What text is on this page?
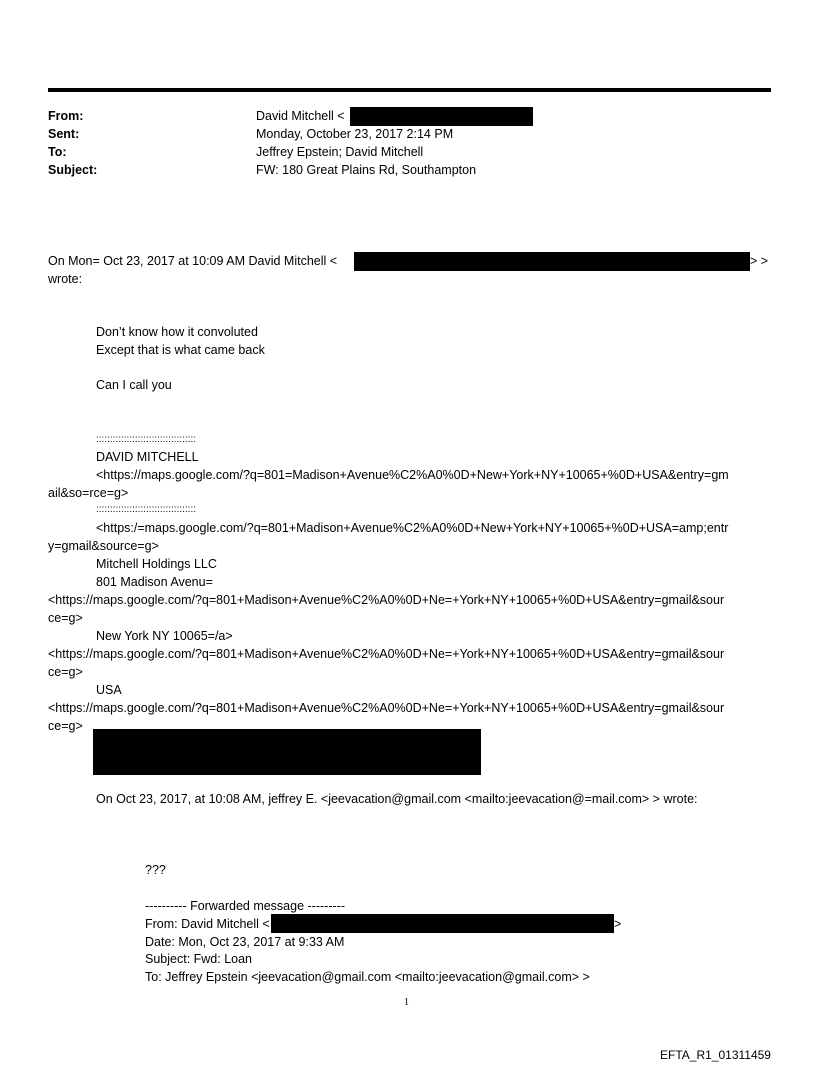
From:	David Mitchell <
Sent:	Monday, October 23, 2017 2:14 PM
To:	Jeffrey Epstein; David Mitchell
Subject:	FW: 180 Great Plains Rd, Southampton
On Mon= Oct 23, 2017 at 10:09 AM David Mitchell <	> >
wrote:
Don’t know how it convoluted
Except that is what came back
Can I call you
::::::::::::::::::::::::::::::::::::
DAVID MITCHELL
<https://maps.google.com/?q=801=Madison+Avenue%C2%A0%0D+New+York+NY+10065+%0D+USA&entry=gm
ail&so=rce=g>
::::::::::::::::::::::::::::::::::::
<https:/=maps.google.com/?q=801+Madison+Avenue%C2%A0%0D+New+York+NY+10065+%0D+USA=amp;entr
y=gmail&source=g>
Mitchell Holdings LLC
801 Madison Avenu=
<https://maps.google.com/?q=801+Madison+Avenue%C2%A0%0D+Ne=+York+NY+10065+%0D+USA&entry=gmail&sour
ce=g>
New York NY 10065=/a>
<https://maps.google.com/?q=801+Madison+Avenue%C2%A0%0D+Ne=+York+NY+10065+%0D+USA&entry=gmail&sour
ce=g>
USA
<https://maps.google.com/?q=801+Madison+Avenue%C2%A0%0D+Ne=+York+NY+10065+%0D+USA&entry=gmail&sour
ce=g>
On Oct 23, 2017, at 10:08 AM, jeffrey E. <jeevacation@gmail.com <mailto:jeevacation@=mail.com> > wrote:
???
---------- Forwarded message ---------
From: David Mitchell <	>
Date: Mon, Oct 23, 2017 at 9:33 AM
Subject: Fwd: Loan
To: Jeffrey Epstein <jeevacation@gmail.com <mailto:jeevacation@gmail.com> >
1
EFTA_R1_01311459
